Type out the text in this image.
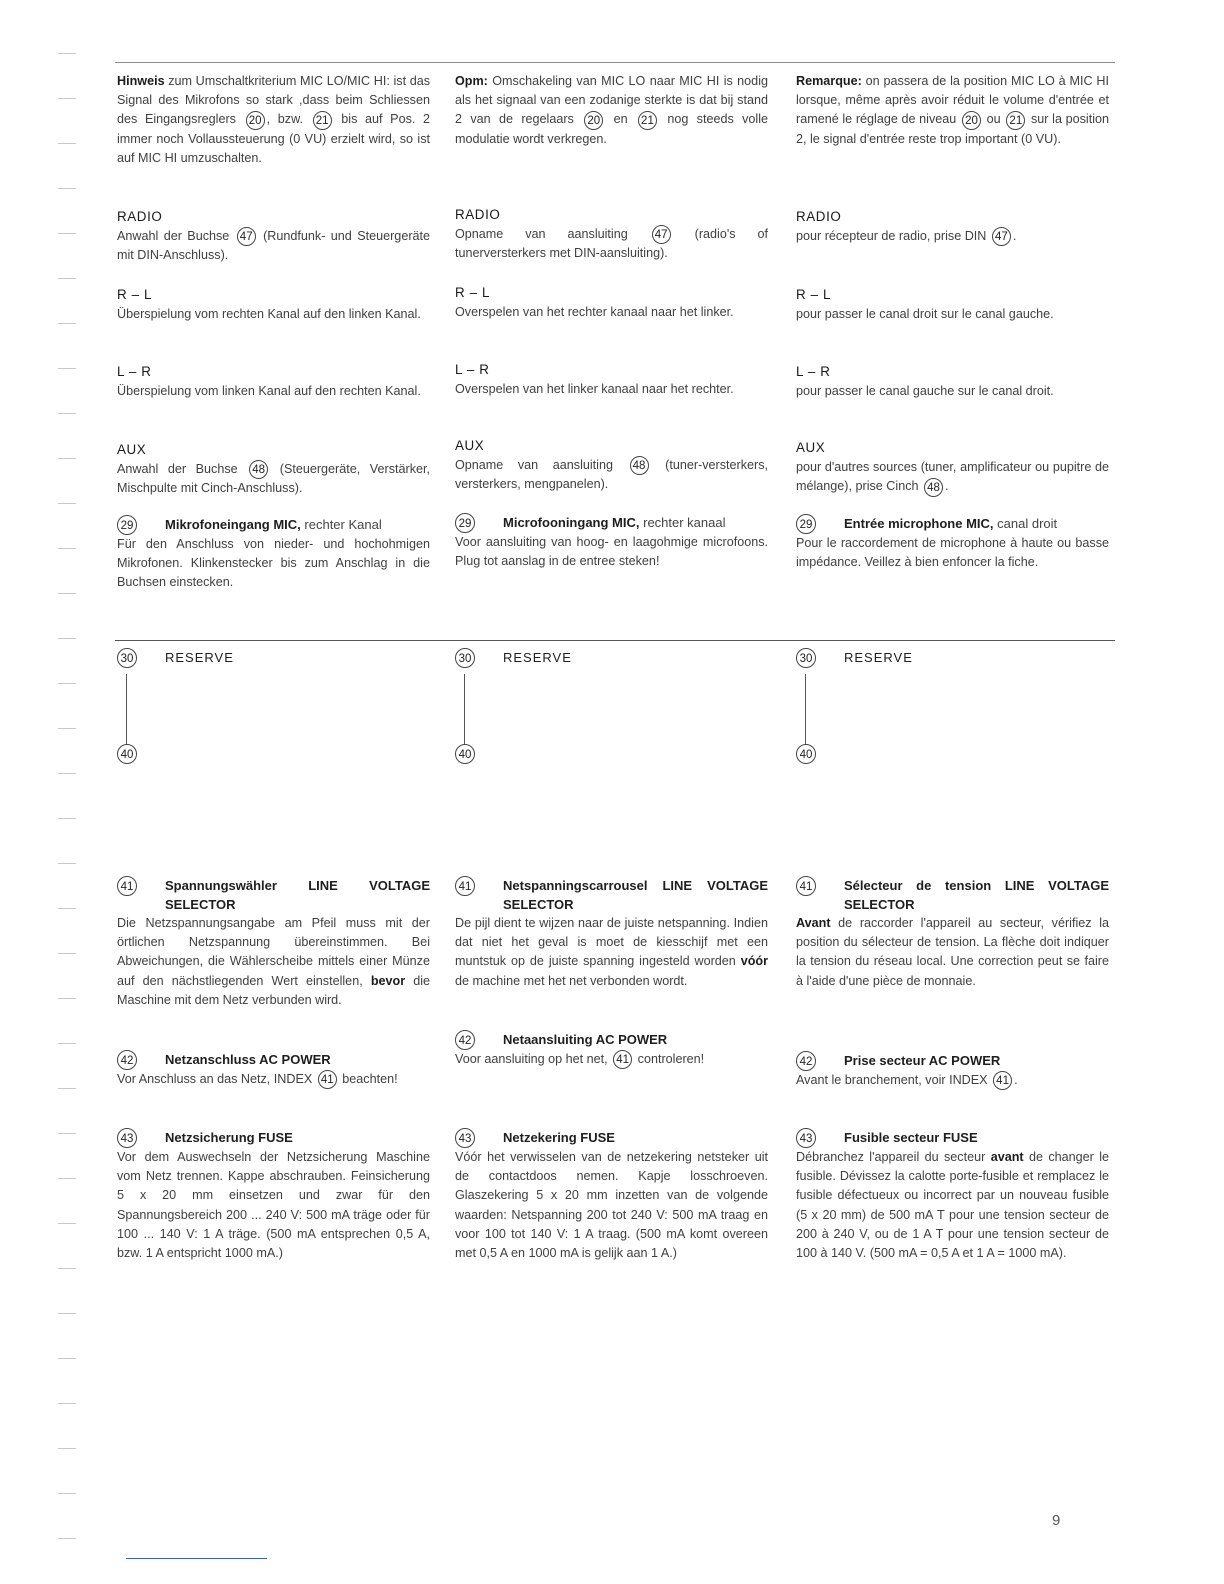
Hinweis zum Umschaltkriterium MIC LO/MIC HI: ist das Signal des Mikrofons so stark ,dass beim Schliessen des Eingangsreglers 20 , bzw. 21 bis auf Pos. 2 immer noch Vollaussteuerung (0 VU) erzielt wird, so ist auf MIC HI umzuschalten.
RADIO
Anwahl der Buchse 47 (Rundfunk- und Steuergeräte mit DIN-Anschluss).
R – L
Überspielung vom rechten Kanal auf den linken Kanal.
L – R
Überspielung vom linken Kanal auf den rechten Kanal.
AUX
Anwahl der Buchse 48 (Steuergeräte, Verstärker, Mischpulte mit Cinch-Anschluss).
29	Mikrofoneingang MIC, rechter Kanal
Für den Anschluss von nieder- und hochohmigen Mikrofonen. Klinkenstecker bis zum Anschlag in die Buchsen einstecken.
30	RESERVE
40
41	Spannungswähler LINE VOLTAGE SELECTOR
Die Netzspannungsangabe am Pfeil muss mit der örtlichen Netzspannung übereinstimmen. Bei Abweichungen, die Wählerscheibe mittels einer Münze auf den nächstliegenden Wert einstellen, bevor die Maschine mit dem Netz verbunden wird.
42	Netzanschluss AC POWER
Vor Anschluss an das Netz, INDEX 41 beachten!
43	Netzsicherung FUSE
Vor dem Auswechseln der Netzsicherung Maschine vom Netz trennen. Kappe abschrauben. Feinsicherung 5 x 20 mm einsetzen und zwar für den Spannungsbereich 200 ... 240 V: 500 mA träge oder für 100 ... 140 V: 1 A träge. (500 mA entsprechen 0,5 A, bzw. 1 A entspricht 1000 mA.)
Opm: Omschakeling van MIC LO naar MIC HI is nodig als het signaal van een zodanige sterkte is dat bij stand 2 van de regelaars 20 en 21 nog steeds volle modulatie wordt verkregen.
RADIO
Opname van aansluiting 47 (radio's of tunerversterkers met DIN-aansluiting).
R – L
Overspelen van het rechter kanaal naar het linker.
L – R
Overspelen van het linker kanaal naar het rechter.
AUX
Opname van aansluiting 48 (tuner-versterkers, versterkers, mengpanelen).
29	Microfooningang MIC, rechter kanaal
Voor aansluiting van hoog- en laagohmige microfoons. Plug tot aanslag in de entree steken!
30	RESERVE
40
41	Netspanningscarrousel LINE VOLTAGE SELECTOR
De pijl dient te wijzen naar de juiste netspanning. Indien dat niet het geval is moet de kiesschijf met een muntstuk op de juiste spanning ingesteld worden vóór de machine met het net verbonden wordt.
42	Netaansluiting AC POWER
Voor aansluiting op het net, 41 controleren!
43	Netzekering FUSE
Vóór het verwisselen van de netzekering netsteker uit de contactdoos nemen. Kapje losschroeven. Glaszekering 5 x 20 mm inzetten van de volgende waarden: Netspanning 200 tot 240 V: 500 mA traag en voor 100 tot 140 V: 1 A traag. (500 mA komt overeen met 0,5 A en 1000 mA is gelijk aan 1 A.)
Remarque: on passera de la position MIC LO à MIC HI lorsque, même après avoir réduit le volume d'entrée et ramené le réglage de niveau 20 ou 21 sur la position 2, le signal d'entrée reste trop important (0 VU).
RADIO
pour récepteur de radio, prise DIN 47 .
R – L
pour passer le canal droit sur le canal gauche.
L – R
pour passer le canal gauche sur le canal droit.
AUX
pour d'autres sources (tuner, amplificateur ou pupitre de mélange), prise Cinch 48 .
29	Entrée microphone MIC, canal droit
Pour le raccordement de microphone à haute ou basse impédance. Veillez à bien enfoncer la fiche.
30	RESERVE
40
41	Sélecteur de tension LINE VOLTAGE SELECTOR
Avant de raccorder l'appareil au secteur, vérifiez la position du sélecteur de tension. La flèche doit indiquer la tension du réseau local. Une correction peut se faire à l'aide d'une pièce de monnaie.
42	Prise secteur AC POWER
Avant le branchement, voir INDEX 41 .
43	Fusible secteur FUSE
Débranchez l'appareil du secteur avant de changer le fusible. Dévissez la calotte porte-fusible et remplacez le fusible défectueux ou incorrect par un nouveau fusible (5 x 20 mm) de 500 mA T pour une tension secteur de 200 à 240 V, ou de 1 A T pour une tension secteur de 100 à 140 V. (500 mA = 0,5 A et 1 A = 1000 mA).
9
